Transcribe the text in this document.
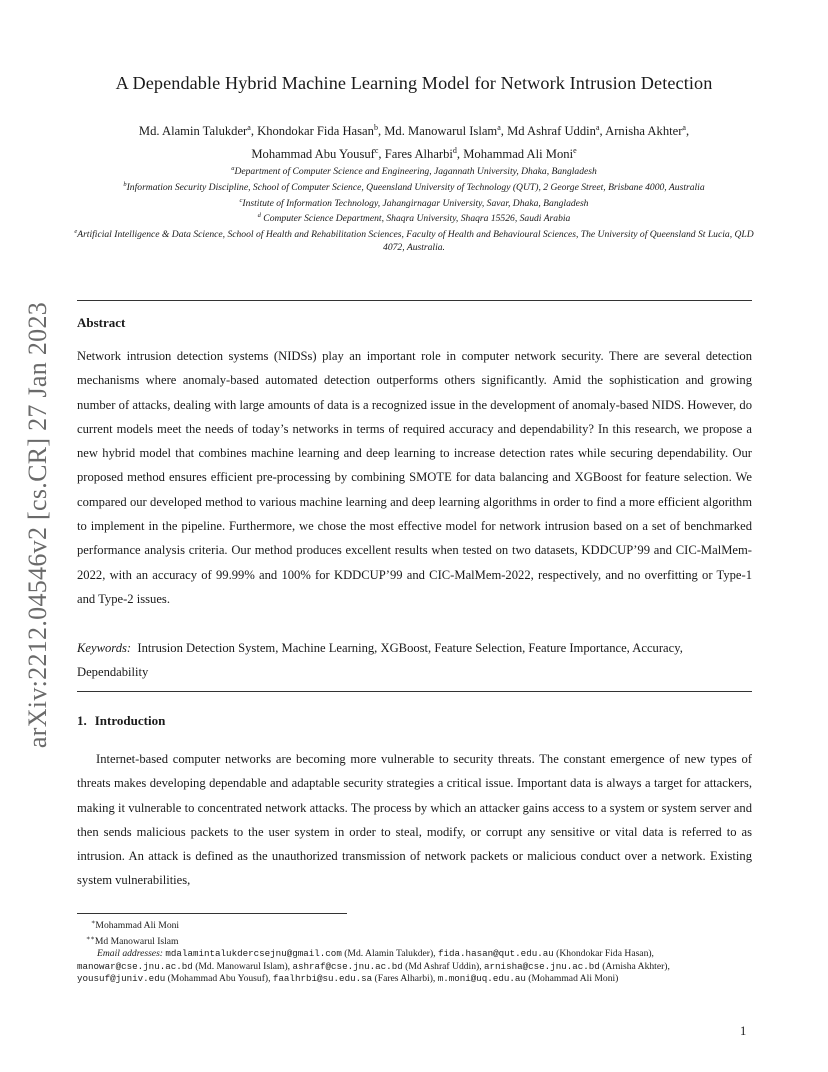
arXiv:2212.04546v2 [cs.CR] 27 Jan 2023
A Dependable Hybrid Machine Learning Model for Network Intrusion Detection
Md. Alamin Talukder$^a$, Khondokar Fida Hasan$^b$, Md. Manowarul Islam$^a$, Md Ashraf Uddin$^a$, Arnisha Akhter$^a$,
Mohammad Abu Yousuf$^c$, Fares Alharbi$^d$, Mohammad Ali Moni$^e$
$^a$Department of Computer Science and Engineering, Jagannath University, Dhaka, Bangladesh
$^b$Information Security Discipline, School of Computer Science, Queensland University of Technology (QUT), 2 George Street, Brisbane 4000, Australia
$^c$Institute of Information Technology, Jahangirnagar University, Savar, Dhaka, Bangladesh
$^d$ Computer Science Department, Shaqra University, Shaqra 15526, Saudi Arabia
$^e$Artificial Intelligence & Data Science, School of Health and Rehabilitation Sciences, Faculty of Health and Behavioural Sciences, The University of Queensland St Lucia, QLD 4072, Australia.
Abstract

Network intrusion detection systems (NIDSs) play an important role in computer network security. There are several detection mechanisms where anomaly-based automated detection outperforms others significantly. Amid the sophistication and growing number of attacks, dealing with large amounts of data is a recognized issue in the development of anomaly-based NIDS. However, do current models meet the needs of today’s networks in terms of required accuracy and dependability? In this research, we propose a new hybrid model that combines machine learning and deep learning to increase detection rates while securing dependability. Our proposed method ensures efficient pre-processing by combining SMOTE for data balancing and XGBoost for feature selection. We compared our developed method to various machine learning and deep learning algorithms in order to find a more efficient algorithm to implement in the pipeline. Furthermore, we chose the most effective model for network intrusion based on a set of benchmarked performance analysis criteria. Our method produces excellent results when tested on two datasets, KDDCUP’99 and CIC-MalMem-2022, with an accuracy of 99.99% and 100% for KDDCUP’99 and CIC-MalMem-2022, respectively, and no overfitting or Type-1 and Type-2 issues.

Keywords: Intrusion Detection System, Machine Learning, XGBoost, Feature Selection, Feature Importance, Accuracy, Dependability

1. Introduction

Internet-based computer networks are becoming more vulnerable to security threats. The constant emergence of new types of threats makes developing dependable and adaptable security strategies a critical issue. Important data is always a target for attackers, making it vulnerable to concentrated network attacks. The process by which an attacker gains access to a system or system server and then sends malicious packets to the user system in order to steal, modify, or corrupt any sensitive or vital data is referred to as intrusion. An attack is defined as the unauthorized transmission of network packets or malicious conduct over a network. Existing system vulnerabilities,

∗Mohammad Ali Moni
∗∗Md Manowarul Islam
Email addresses: mdalamintalukdercsejnu@gmail.com (Md. Alamin Talukder), fida.hasan@qut.edu.au (Khondokar Fida Hasan), manowar@cse.jnu.ac.bd (Md. Manowarul Islam), ashraf@cse.jnu.ac.bd (Md Ashraf Uddin), arnisha@cse.jnu.ac.bd (Arnisha Akhter), yousuf@juniv.edu (Mohammad Abu Yousuf), faalhrbi@su.edu.sa (Fares Alharbi), m.moni@uq.edu.au (Mohammad Ali Moni)
1
